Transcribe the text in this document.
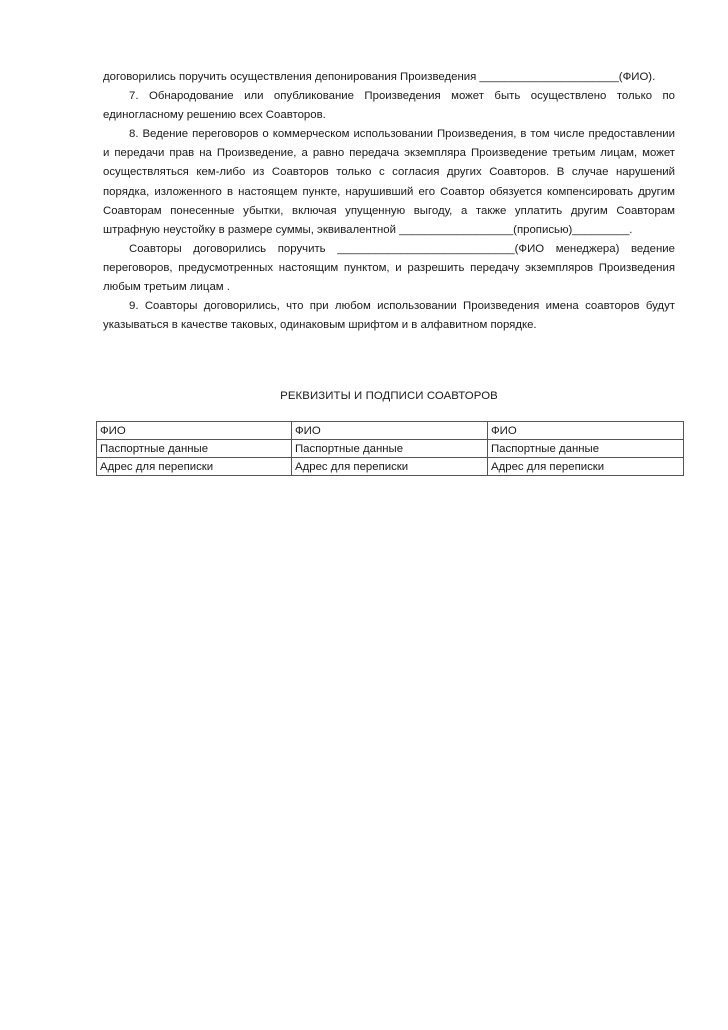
договорились поручить осуществления депонирования Произведения ______________________(ФИО).

7. Обнародование или опубликование Произведения может быть осуществлено только по единогласному решению всех Соавторов.

8. Ведение переговоров о коммерческом использовании Произведения, в том числе предоставлении и передачи прав на Произведение, а равно передача экземпляра Произведение третьим лицам, может осуществляться кем-либо из Соавторов только с согласия других Соавторов. В случае нарушений порядка, изложенного в настоящем пункте, нарушивший его Соавтор обязуется компенсировать другим Соавторам понесенные убытки, включая упущенную выгоду, а также уплатить другим Соавторам штрафную неустойку в размере суммы, эквивалентной __________________(прописью)_________.

Соавторы договорились поручить ____________________________(ФИО менеджера) ведение переговоров, предусмотренных настоящим пунктом, и разрешить передачу экземпляров Произведения любым третьим лицам .

9. Соавторы договорились, что при любом использовании Произведения имена соавторов будут указываться в качестве таковых, одинаковым шрифтом и в алфавитном порядке.

РЕКВИЗИТЫ И ПОДПИСИ СОАВТОРОВ
ФИО	ФИО	ФИО
Паспортные данные	Паспортные данные	Паспортные данные
Адрес для переписки	Адрес для переписки	Адрес для переписки
